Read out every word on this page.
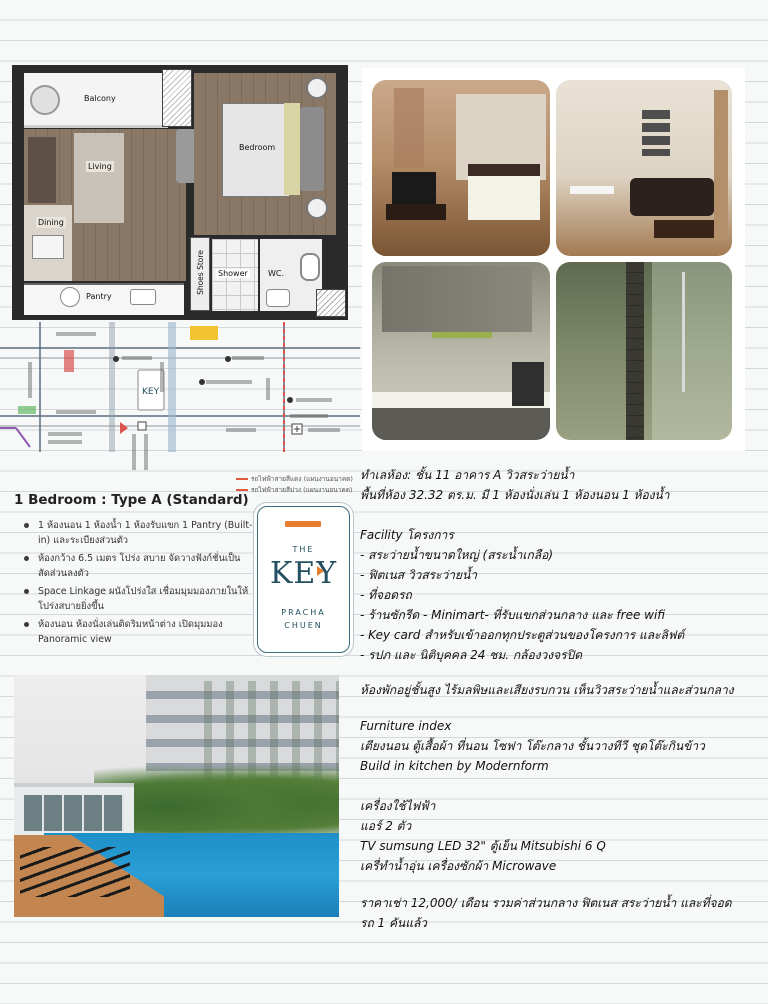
Balcony
Living
Dining
Bedroom
Shoes Store Shower	WC.
Pantry
KEY
รถไฟฟ้าสายสีแดง (แผนงานอนาคต)
รถไฟฟ้าสายสีม่วง (แผนงานอนาคต)
1 Bedroom : Type A (Standard)
1 ห้องนอน 1 ห้องน้ำ 1 ห้องรับแขก 1 Pantry (Built-in) และระเบียงส่วนตัว
ห้องกว้าง 6.5 เมตร โปร่ง สบาย จัดวางฟังก์ชั่นเป็นสัดส่วนลงตัว
Space Linkage ผนังโปร่งใส เชื่อมมุมมองภายในให้โปร่งสบายยิ่งขึ้น
ห้องนอน ห้องนั่งเล่นติดริมหน้าต่าง เปิดมุมมอง Panoramic view
THE
KEY
PRACHA
CHUEN
ทำเลห้อง: ชั้น 11 อาคาร A วิวสระว่ายน้ำ
พื้นที่ห้อง 32.32 ตร.ม. มี 1 ห้องนั่งเล่น 1 ห้องนอน 1 ห้องน้ำ
Facility โครงการ
- สระว่ายน้ำขนาดใหญ่ (สระน้ำเกลือ)
- ฟิตเนส วิวสระว่ายน้ำ
- ที่จอดรถ
- ร้านซักรีด - Minimart- ที่รับแขกส่วนกลาง และ free wifi
- Key card สำหรับเข้าออกทุกประตูส่วนของโครงการ และลิฟต์
- รปภ และ นิติบุคคล 24 ชม. กล้องวงจรปิด
ห้องพักอยู่ชั้นสูง ไร้มลพิษและเสียงรบกวน เห็นวิวสระว่ายน้ำและส่วนกลาง
Furniture index
เตียงนอน ตู้เสื้อผ้า ที่นอน โซฟา โต๊ะกลาง ชั้นวางทีวี ชุดโต๊ะกินข้าว
Build in kitchen by Modernform
เครื่องใช้ไฟฟ้า
แอร์ 2 ตัว
TV sumsung LED 32" ตู้เย็น Mitsubishi 6 Q
เครื่ทำน้ำอุ่น เครื่องซักผ้า Microwave
ราคาเช่า 12,000/ เดือน รวมค่าส่วนกลาง ฟิตเนส สระว่ายน้ำ และที่จอด
รถ 1 คันแล้ว
